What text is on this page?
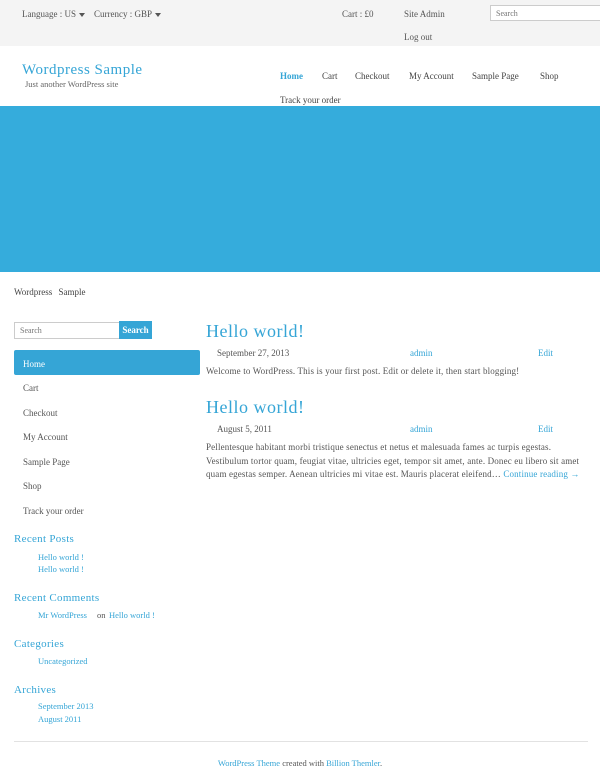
Language : US	Currency : GBP	Cart : £0	Site Admin
Log out
Search
Wordpress Sample
Just another WordPress site
Home Cart Checkout My Account Sample Page Shop
Track your order
Wordpress Sample
Search
Search
Home
Cart
Checkout
My Account
Sample Page
Shop
Track your order
Recent Posts
Hello world !
Hello world !
Recent Comments
Mr WordPress on Hello world !
Categories
Uncategorized
Archives
September 2013
August 2011
Hello world!
September 27, 2013	admin	Edit
Welcome to WordPress. This is your first post. Edit or delete it, then start blogging!
Hello world!
August 5, 2011	admin	Edit
Pellentesque habitant morbi tristique senectus et netus et malesuada fames ac turpis egestas. Vestibulum tortor quam, feugiat vitae, ultricies eget, tempor sit amet, ante. Donec eu libero sit amet quam egestas semper. Aenean ultricies mi vitae est. Mauris placerat eleifend… Continue reading →
WordPress Theme created with Billion Themler.
